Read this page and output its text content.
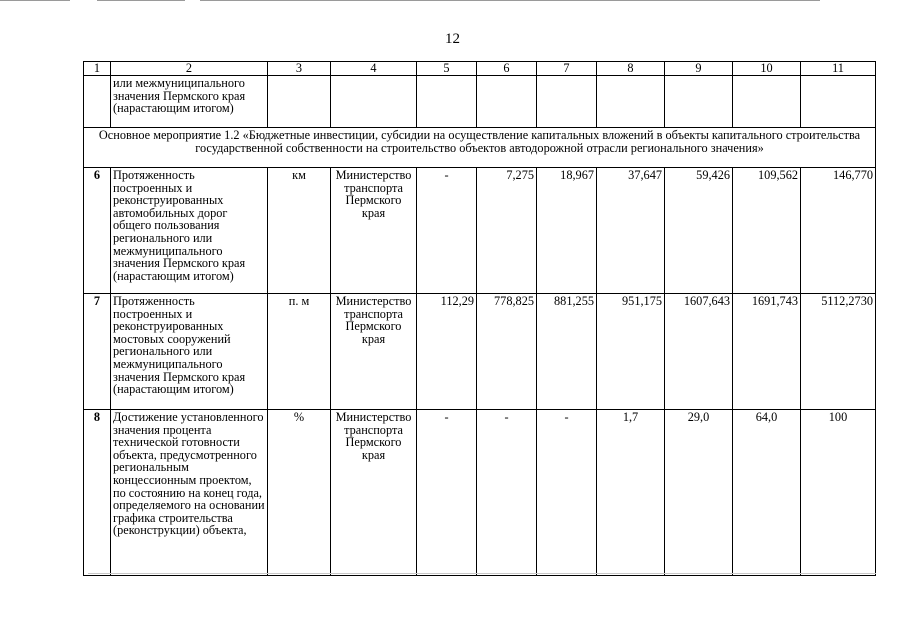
12
1	2	3	4	5	6	7	8	9	10	11
	или межмуниципального значения Пермского края (нарастающим итогом)									
Основное мероприятие 1.2 «Бюджетные инвестиции, субсидии на осуществление капитальных вложений в объекты капитального строительства государственной собственности на строительство объектов автодорожной отрасли регионального значения»										
6	Протяженность построенных и реконструированных автомобильных дорог общего пользования регионального или межмуниципального значения Пермского края (нарастающим итогом)	км	Министерство транспорта Пермского края	-	7,275	18,967	37,647	59,426	109,562	146,770
7	Протяженность построенных и реконструированных мостовых сооружений регионального или межмуниципального значения Пермского края (нарастающим итогом)	п. м	Министерство транспорта Пермского края	112,29	778,825	881,255	951,175	1607,643	1691,743	5112,2730
8	Достижение установленного значения процента технической готовности объекта, предусмотренного региональным концессионным проектом, по состоянию на конец года, определяемого на основании графика строительства (реконструкции) объекта,	%	Министерство транспорта Пермского края	-	-	-	1,7	29,0	64,0	100
